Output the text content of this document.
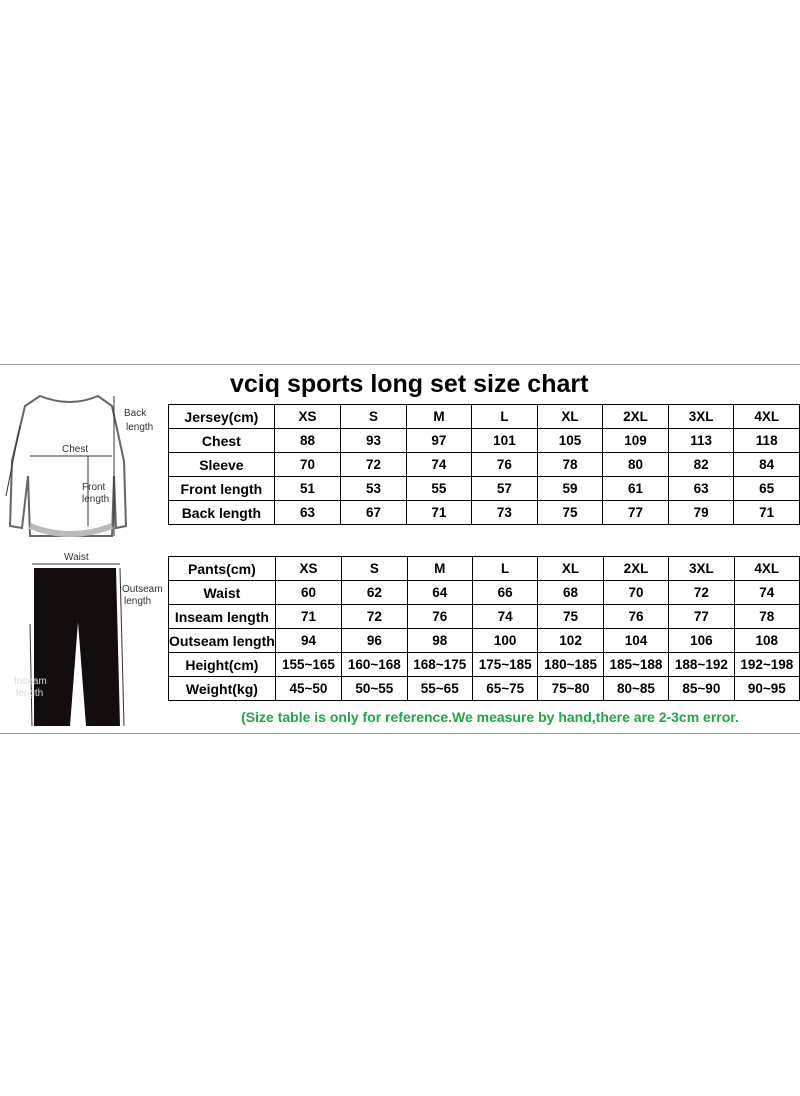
vciq sports long set size chart
Back
length
Chest
Front
length
Waist
Outseam
length
Inseam
length
Jersey(cm)	XS	S	M	L	XL	2XL	3XL	4XL
Chest	88	93	97	101	105	109	113	118
Sleeve	70	72	74	76	78	80	82	84
Front length	51	53	55	57	59	61	63	65
Back length	63	67	71	73	75	77	79	71
Pants(cm)	XS	S	M	L	XL	2XL	3XL	4XL
Waist	60	62	64	66	68	70	72	74
Inseam length	71	72	76	74	75	76	77	78
Outseam length	94	96	98	100	102	104	106	108
Height(cm)	155~165	160~168	168~175	175~185	180~185	185~188	188~192	192~198
Weight(kg)	45~50	50~55	55~65	65~75	75~80	80~85	85~90	90~95
(Size table is only for reference.We measure by hand,there are 2-3cm error.
